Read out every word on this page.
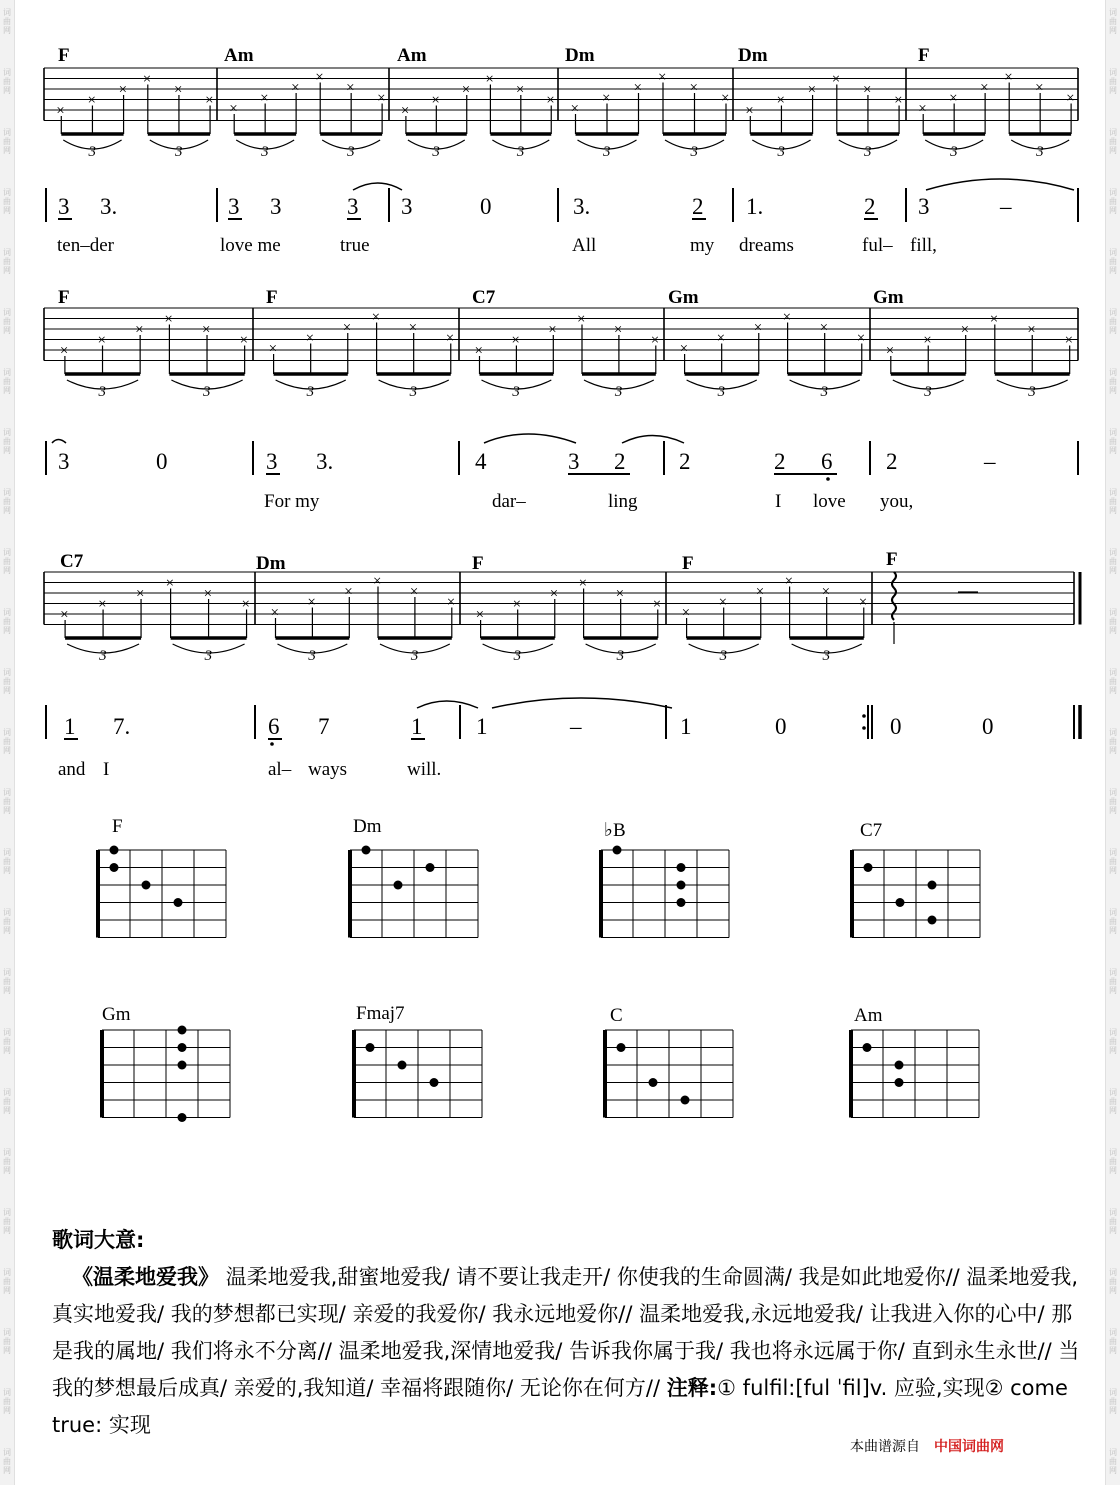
词
曲
网
词
曲
网
词
曲
网
词
曲
网
词
曲
网
词
曲
网
词
曲
网
词
曲
网
词
曲
网
词
曲
网
词
曲
网
词
曲
网
词
曲
网
词
曲
网
词
曲
网
词
曲
网
词
曲
网
词
曲
网
词
曲
网
词
曲
网
词
曲
网
词
曲
网
词
曲
网
词
曲
网
词
曲
网
词
曲
网
词
曲
网
词
曲
网
词
曲
网
词
曲
网
词
曲
网
词
曲
网
词
曲
网
词
曲
网
词
曲
网
词
曲
网
词
曲
网
词
曲
网
词
曲
网
词
曲
网
词
曲
网
词
曲
网
词
曲
网
词
曲
网
词
曲
网
词
曲
网
词
曲
网
词
曲
网
词
曲
网
词
曲
网
×
×
×
3
×
×
×
3
×
×
×
3
×
×
×
3
×
×
×
3
×
×
×
3
×
×
×
3
×
×
×
3
×
×
×
3
×
×
×
3
×
×
×
3
×
×
×
3
×
×
×
3
×
×
×
3
×
×
×
3
×
×
×
3
×
×
×
3
×
×
×
3
×
×
×
3
×
×
×
3
×
×
×
3
×
×
×
3
×
×
×
3
×
×
×
3
×
×
×
3
×
×
×
3
×
×
×
3
×
×
×
3
×
×
×
3
×
×
×
3
F	Am	Am	Dm	Dm	F
3 3.	3 3	3 3	0	3.	2 1.	2 3	–
ten–der	love me	true	All	my dreams	ful– fill,
F	F	C7	Gm	Gm
3	0	3 3.	4	3 2 2	2 6 2	–
For my	dar–	ling	I love you,
C7	Dm	F	F	F
1 7.	6 7	1 1	–	1	0	0	0
and I	al– ways	will.
F	Dm	♭B	C7
Gm	Fmaj7	C	Am
歌词大意:
《温柔地爱我》 温柔地爱我,甜蜜地爱我/ 请不要让我走开/ 你使我的生命圆满/ 我是如此地爱你// 温柔地爱我,真实地爱我/ 我的梦想都已实现/ 亲爱的我爱你/ 我永远地爱你// 温柔地爱我,永远地爱我/ 让我进入你的心中/ 那是我的属地/ 我们将永不分离// 温柔地爱我,深情地爱我/ 告诉我你属于我/ 我也将永远属于你/ 直到永生永世// 当我的梦想最后成真/ 亲爱的,我知道/ 幸福将跟随你/ 无论你在何方// 注释:① fulfil:[ful ˈfil]v. 应验,实现② come true: 实现
本曲谱源自 中国词曲网
